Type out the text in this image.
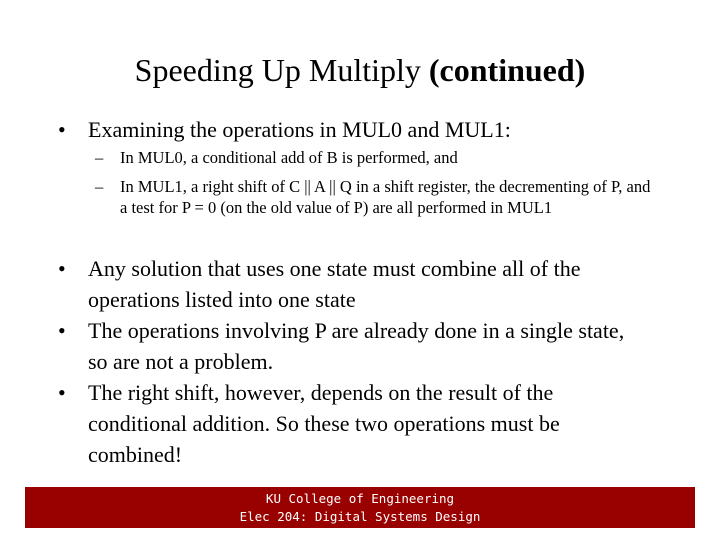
Speeding Up Multiply (continued)
• Examining the operations in MUL0 and MUL1:
– In MUL0, a conditional add of B is performed, and
– In MUL1, a right shift of C || A || Q in a shift register, the decrementing of P, and a test for P = 0 (on the old value of P) are all performed in MUL1
• Any solution that uses one state must combine all of the operations listed into one state
• The operations involving P are already done in a single state, so are not a problem.
• The right shift, however, depends on the result of the conditional addition. So these two operations must be combined!
KU College of Engineering
Elec 204: Digital Systems Design
